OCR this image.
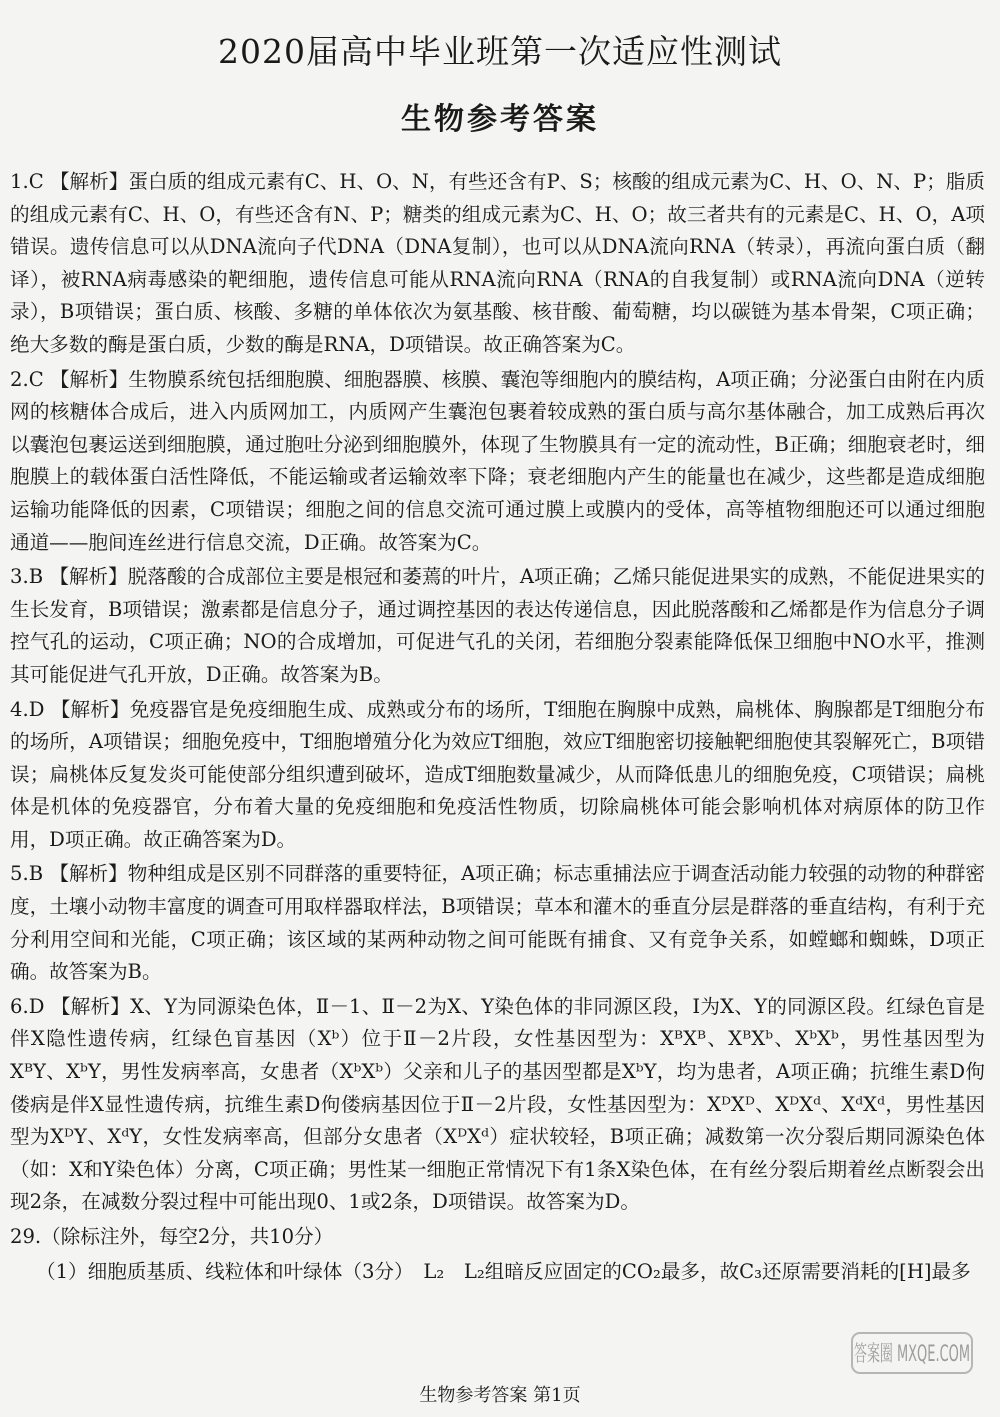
2020届高中毕业班第一次适应性测试
生物参考答案

1.C 【解析】蛋白质的组成元素有C、H、O、N，有些还含有P、S；核酸的组成元素为C、H、O、N、P；脂质的组成元素有C、H、O，有些还含有N、P；糖类的组成元素为C、H、O；故三者共有的元素是C、H、O，A项错误。遗传信息可以从DNA流向子代DNA（DNA复制），也可以从DNA流向RNA（转录），再流向蛋白质（翻译），被RNA病毒感染的靶细胞，遗传信息可能从RNA流向RNA（RNA的自我复制）或RNA流向DNA（逆转录），B项错误；蛋白质、核酸、多糖的单体依次为氨基酸、核苷酸、葡萄糖，均以碳链为基本骨架，C项正确；绝大多数的酶是蛋白质，少数的酶是RNA，D项错误。故正确答案为C。

2.C 【解析】生物膜系统包括细胞膜、细胞器膜、核膜、囊泡等细胞内的膜结构，A项正确；分泌蛋白由附在内质网的核糖体合成后，进入内质网加工，内质网产生囊泡包裹着较成熟的蛋白质与高尔基体融合，加工成熟后再次以囊泡包裹运送到细胞膜，通过胞吐分泌到细胞膜外，体现了生物膜具有一定的流动性，B正确；细胞衰老时，细胞膜上的载体蛋白活性降低，不能运输或者运输效率下降；衰老细胞内产生的能量也在减少，这些都是造成细胞运输功能降低的因素，C项错误；细胞之间的信息交流可通过膜上或膜内的受体，高等植物细胞还可以通过细胞通道——胞间连丝进行信息交流，D正确。故答案为C。

3.B 【解析】脱落酸的合成部位主要是根冠和萎蔫的叶片，A项正确；乙烯只能促进果实的成熟，不能促进果实的生长发育，B项错误；激素都是信息分子，通过调控基因的表达传递信息，因此脱落酸和乙烯都是作为信息分子调控气孔的运动，C项正确；NO的合成增加，可促进气孔的关闭，若细胞分裂素能降低保卫细胞中NO水平，推测其可能促进气孔开放，D正确。故答案为B。

4.D 【解析】免疫器官是免疫细胞生成、成熟或分布的场所，T细胞在胸腺中成熟，扁桃体、胸腺都是T细胞分布的场所，A项错误；细胞免疫中，T细胞增殖分化为效应T细胞，效应T细胞密切接触靶细胞使其裂解死亡，B项错误；扁桃体反复发炎可能使部分组织遭到破坏，造成T细胞数量减少，从而降低患儿的细胞免疫，C项错误；扁桃体是机体的免疫器官，分布着大量的免疫细胞和免疫活性物质，切除扁桃体可能会影响机体对病原体的防卫作用，D项正确。故正确答案为D。

5.B 【解析】物种组成是区别不同群落的重要特征，A项正确；标志重捕法应于调查活动能力较强的动物的种群密度，土壤小动物丰富度的调查可用取样器取样法，B项错误；草本和灌木的垂直分层是群落的垂直结构，有利于充分利用空间和光能，C项正确；该区域的某两种动物之间可能既有捕食、又有竞争关系，如螳螂和蜘蛛，D项正确。故答案为B。

6.D 【解析】X、Y为同源染色体，Ⅱ－1、Ⅱ－2为X、Y染色体的非同源区段，Ⅰ为X、Y的同源区段。红绿色盲是伴X隐性遗传病，红绿色盲基因（Xᵇ）位于Ⅱ－2片段，女性基因型为：XᴮXᴮ、XᴮXᵇ、XᵇXᵇ，男性基因型为XᴮY、XᵇY，男性发病率高，女患者（XᵇXᵇ）父亲和儿子的基因型都是XᵇY，均为患者，A项正确；抗维生素D佝偻病是伴X显性遗传病，抗维生素D佝偻病基因位于Ⅱ－2片段，女性基因型为：XᴰXᴰ、XᴰXᵈ、XᵈXᵈ，男性基因型为XᴰY、XᵈY，女性发病率高，但部分女患者（XᴰXᵈ）症状较轻，B项正确；减数第一次分裂后期同源染色体（如：X和Y染色体）分离，C项正确；男性某一细胞正常情况下有1条X染色体，在有丝分裂后期着丝点断裂会出现2条，在减数分裂过程中可能出现0、1或2条，D项错误。故答案为D。

29.（除标注外，每空2分，共10分）

（1）细胞质基质、线粒体和叶绿体（3分）　L₂　L₂组暗反应固定的CO₂最多，故C₃还原需要消耗的[H]最多

生物参考答案 第1页
答案圈 MXQE.COM
